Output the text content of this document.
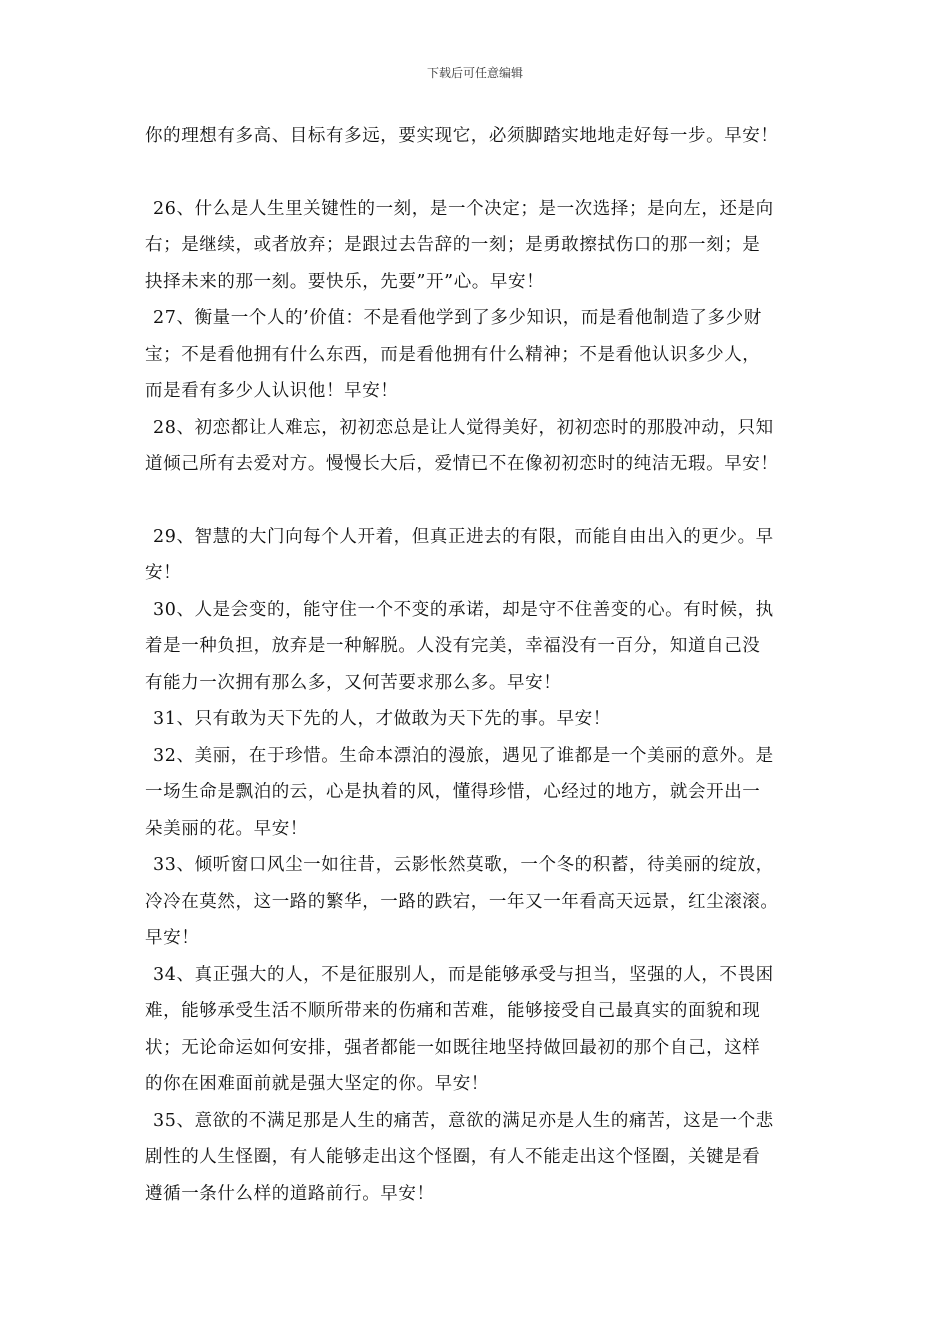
下载后可任意编辑
你的理想有多高、目标有多远，要实现它，必须脚踏实地地走好每一步。早安！
26、什么是人生里关键性的一刻，是一个决定；是一次选择；是向左，还是向
右；是继续，或者放弃；是跟过去告辞的一刻；是勇敢擦拭伤口的那一刻；是
抉择未来的那一刻。要快乐，先要”开”心。早安！
27、衡量一个人的’价值：不是看他学到了多少知识，而是看他制造了多少财
宝；不是看他拥有什么东西，而是看他拥有什么精神；不是看他认识多少人，
而是看有多少人认识他！早安！
28、初恋都让人难忘，初初恋总是让人觉得美好，初初恋时的那股冲动，只知
道倾己所有去爱对方。慢慢长大后，爱情已不在像初初恋时的纯洁无瑕。早安！
29、智慧的大门向每个人开着，但真正进去的有限，而能自由出入的更少。早
安！
30、人是会变的，能守住一个不变的承诺，却是守不住善变的心。有时候，执
着是一种负担，放弃是一种解脱。人没有完美，幸福没有一百分，知道自己没
有能力一次拥有那么多，又何苦要求那么多。早安！
31、只有敢为天下先的人，才做敢为天下先的事。早安！
32、美丽，在于珍惜。生命本漂泊的漫旅，遇见了谁都是一个美丽的意外。是
一场生命是飘泊的云，心是执着的风，懂得珍惜，心经过的地方，就会开出一
朵美丽的花。早安！
33、倾听窗口风尘一如往昔，云影怅然莫歌，一个冬的积蓄，待美丽的绽放，
冷冷在莫然，这一路的繁华，一路的跌宕，一年又一年看高天远景，红尘滚滚。
早安！
34、真正强大的人，不是征服别人，而是能够承受与担当，坚强的人，不畏困
难，能够承受生活不顺所带来的伤痛和苦难，能够接受自己最真实的面貌和现
状；无论命运如何安排，强者都能一如既往地坚持做回最初的那个自己，这样
的你在困难面前就是强大坚定的你。早安！
35、意欲的不满足那是人生的痛苦，意欲的满足亦是人生的痛苦，这是一个悲
剧性的人生怪圈，有人能够走出这个怪圈，有人不能走出这个怪圈，关键是看
遵循一条什么样的道路前行。早安！
